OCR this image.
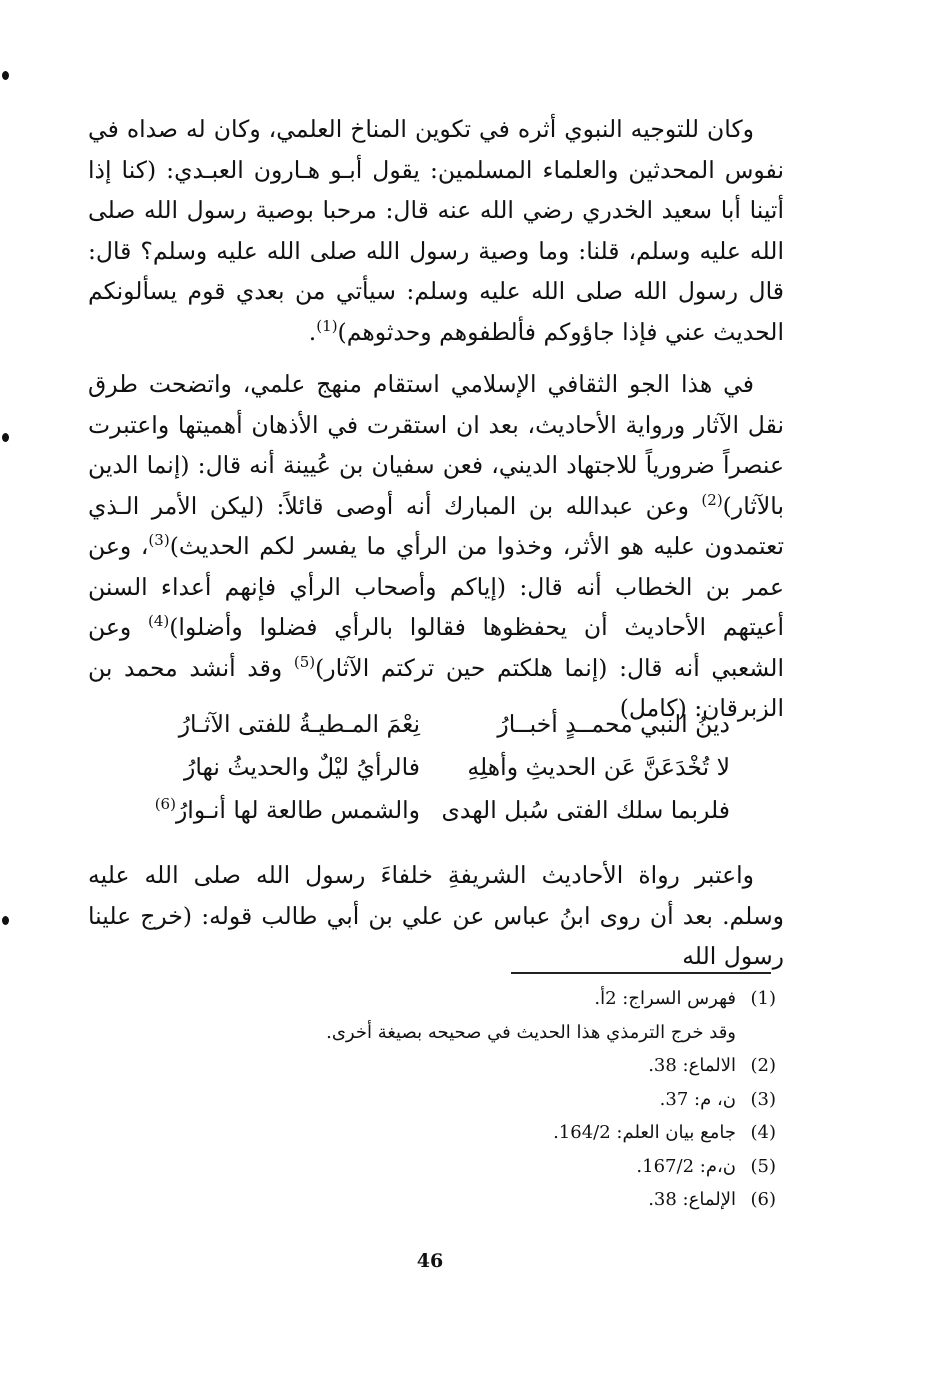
وكان للتوجيه النبوي أثره في تكوين المناخ العلمي، وكان له صداه في نفوس المحدثين والعلماء المسلمين: يقول أبـو هـارون العبـدي: (كنا إذا أتينا أبا سعيد الخدري رضي الله عنه قال: مرحبا بوصية رسول الله صلى الله عليه وسلم، قلنا: وما وصية رسول الله صلى الله عليه وسلم؟ قال: قال رسول الله صلى الله عليه وسلم: سيأتي من بعدي قوم يسألونكم الحديث عني فإذا جاؤوكم فألطفوهم وحدثوهم)$^{(1)}$.

في هذا الجو الثقافي الإسلامي استقام منهج علمي، واتضحت طرق نقل الآثار ورواية الأحاديث، بعد ان استقرت في الأذهان أهميتها واعتبرت عنصراً ضرورياً للاجتهاد الديني، فعن سفيان بن عُيينة أنه قال: (إنما الدين بالآثار)$^{(2)}$ وعن عبدالله بن المبارك أنه أوصى قائلاً: (ليكن الأمر الـذي تعتمدون عليه هو الأثر، وخذوا من الرأي ما يفسر لكم الحديث)$^{(3)}$، وعن عمر بن الخطاب أنه قال: (إياكم وأصحاب الرأي فإنهم أعداء السنن أعيتهم الأحاديث أن يحفظوها فقالوا بالرأي فضلوا وأضلوا)$^{(4)}$ وعن الشعبي أنه قال: (إنما هلكتم حين تركتم الآثار)$^{(5)}$ وقد أنشد محمد بن الزبرقان: (كامل)

دينُ النبي محمــدٍ أخبــارُ
نِعْمَ المـطيـةُ للفتى الآثـارُ
لا تُخْدَعَنَّ عَن الحديثِ وأهلِهِ
فالرأيُ ليْلٌ والحديثُ نهارُ
فلربما سلك الفتى سُبل الهدى
والشمس طالعة لها أنـوارُ$^{(6)}$

واعتبر رواة الأحاديث الشريفةِ خلفاءَ رسول الله صلى الله عليه وسلم. بعد أن روى ابنُ عباس عن علي بن أبي طالب قوله: (خرج علينا رسول الله

(1)
فهرس السراج: 2أ.
وقد خرج الترمذي هذا الحديث في صحيحه بصيغة أخرى.
(2)
الالماع: 38.
(3)
ن، م: 37.
(4)
جامع بيان العلم: 164/2.
(5)
ن،م: 167/2.
(6)
الإلماع: 38.
46
